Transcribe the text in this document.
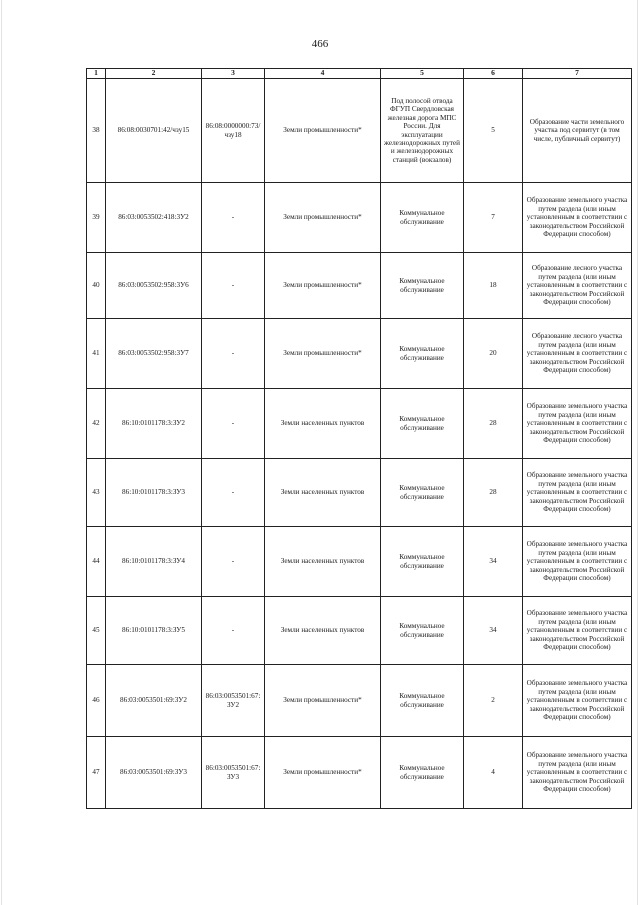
466
1	2	3	4	5	6	7
38	86:08:0030701:42/чзу15	86:08:0000000:73/чзу18	Земли промышленности*	Под полосой отвода ФГУП Свердловская железная дорога МПС России. Для эксплуатации железнодорожных путей и железнодорожных станций (вокзалов)	5	Образование части земельного участка под сервитут (в том числе, публичный сервитут)
39	86:03:0053502:418:3У2	-	Земли промышленности*	Коммунальное обслуживание	7	Образование земельного участка путем раздела (или иным установленным в соответствии с законодательством Российской Федерации способом)
40	86:03:0053502:958:3У6	-	Земли промышленности*	Коммунальное обслуживание	18	Образование лесного участка путем раздела (или иным установленным в соответствии с законодательством Российской Федерации способом)
41	86:03:0053502:958:3У7	-	Земли промышленности*	Коммунальное обслуживание	20	Образование лесного участка путем раздела (или иным установленным в соответствии с законодательством Российской Федерации способом)
42	86:10:0101178:3:ЗУ2	-	Земли населенных пунктов	Коммунальное обслуживание	28	Образование земельного участка путем раздела (или иным установленным в соответствии с законодательством Российской Федерации способом)
43	86:10:0101178:3:ЗУ3	-	Земли населенных пунктов	Коммунальное обслуживание	28	Образование земельного участка путем раздела (или иным установленным в соответствии с законодательством Российской Федерации способом)
44	86:10:0101178:3:ЗУ4	-	Земли населенных пунктов	Коммунальное обслуживание	34	Образование земельного участка путем раздела (или иным установленным в соответствии с законодательством Российской Федерации способом)
45	86:10:0101178:3:ЗУ5	-	Земли населенных пунктов	Коммунальное обслуживание	34	Образование земельного участка путем раздела (или иным установленным в соответствии с законодательством Российской Федерации способом)
46	86:03:0053501:69:3У2	86:03:0053501:67:ЗУ2	Земли промышленности*	Коммунальное обслуживание	2	Образование земельного участка путем раздела (или иным установленным в соответствии с законодательством Российской Федерации способом)
47	86:03:0053501:69:3У3	86:03:0053501:67:ЗУ3	Земли промышленности*	Коммунальное обслуживание	4	Образование земельного участка путем раздела (или иным установленным в соответствии с законодательством Российской Федерации способом)
